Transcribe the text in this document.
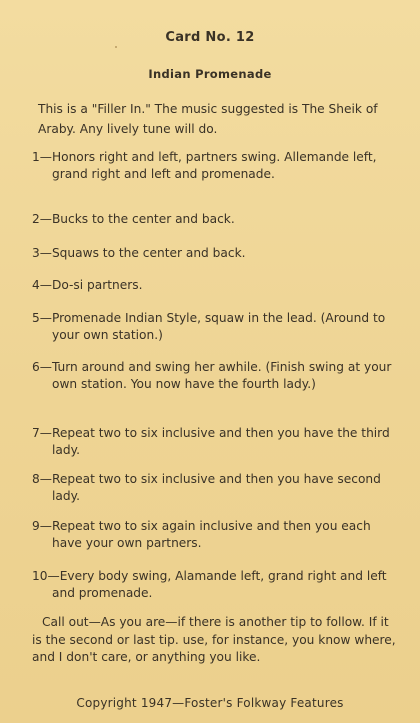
Card No. 12
Indian Promenade

This is a "Filler In." The music suggested is The Sheik of Araby. Any lively tune will do.

1—Honors right and left, partners swing. Allemande left, grand right and left and promenade.
2—Bucks to the center and back.
3—Squaws to the center and back.
4—Do-si partners.
5—Promenade Indian Style, squaw in the lead. (Around to your own station.)
6—Turn around and swing her awhile. (Finish swing at your own station. You now have the fourth lady.)
7—Repeat two to six inclusive and then you have the third lady.
8—Repeat two to six inclusive and then you have second lady.
9—Repeat two to six again inclusive and then you each have your own partners.
10—Every body swing, Alamande left, grand right and left and promenade.

Call out—As you are—if there is another tip to follow. If it is the second or last tip. use, for instance, you know where, and I don't care, or anything you like.

Copyright 1947—Foster's Folkway Features
